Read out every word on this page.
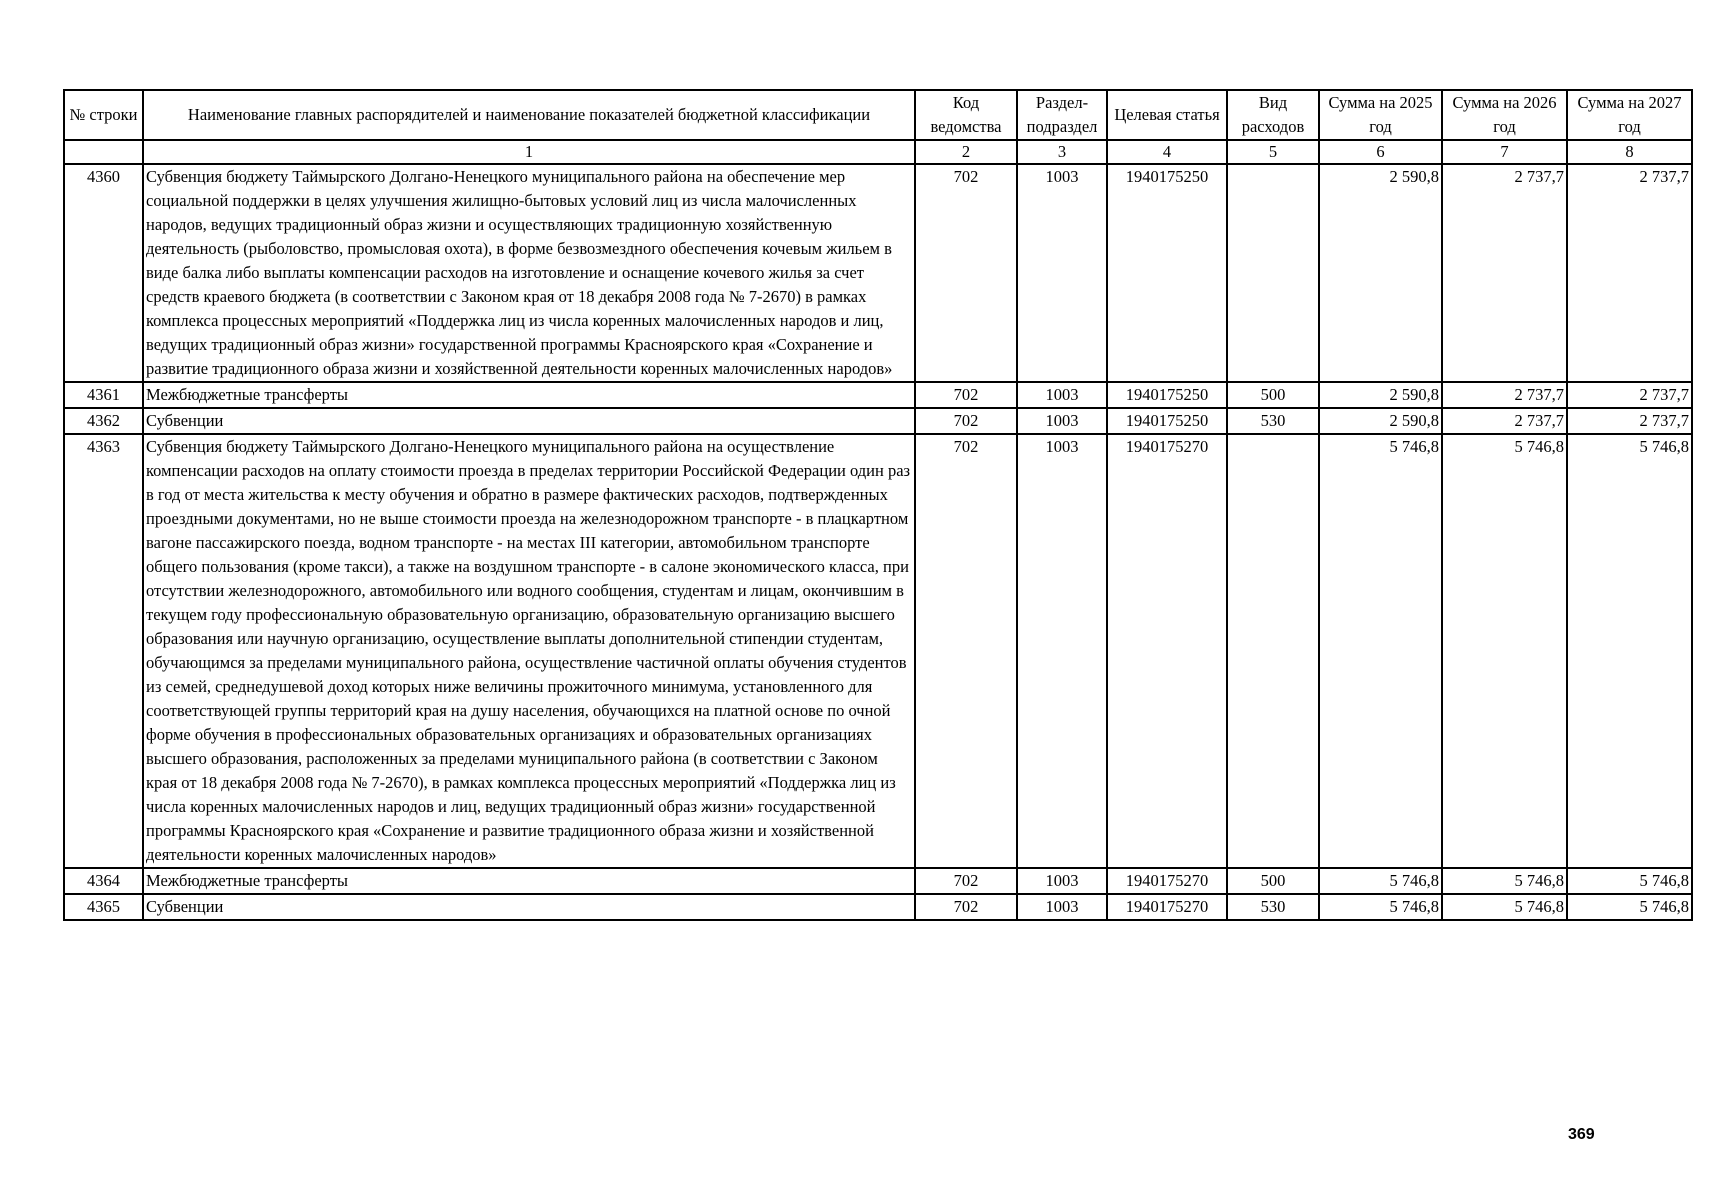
№ строки	Наименование главных распорядителей и наименование показателей бюджетной классификации	Код ведомства	Раздел-подраздел	Целевая статья	Вид расходов	Сумма на 2025 год	Сумма на 2026 год	Сумма на 2027 год
	1	2	3	4	5	6	7	8
4360	Субвенция бюджету Таймырского Долгано-Ненецкого муниципального района на обеспечение мер социальной поддержки в целях улучшения жилищно-бытовых условий лиц из числа малочисленных народов, ведущих традиционный образ жизни и осуществляющих традиционную хозяйственную деятельность (рыболовство, промысловая охота), в форме безвозмездного обеспечения кочевым жильем в виде балка либо выплаты компенсации расходов на изготовление и оснащение кочевого жилья за счет средств краевого бюджета (в соответствии с Законом края от 18 декабря 2008 года № 7-2670) в рамках комплекса процессных мероприятий «Поддержка лиц из числа коренных малочисленных народов и лиц, ведущих традиционный образ жизни» государственной программы Красноярского края «Сохранение и развитие традиционного образа жизни и хозяйственной деятельности коренных малочисленных народов»	702	1003	1940175250		2 590,8	2 737,7	2 737,7
4361	Межбюджетные трансферты	702	1003	1940175250	500	2 590,8	2 737,7	2 737,7
4362	Субвенции	702	1003	1940175250	530	2 590,8	2 737,7	2 737,7
4363	Субвенция бюджету Таймырского Долгано-Ненецкого муниципального района на осуществление компенсации расходов на оплату стоимости проезда в пределах территории Российской Федерации один раз в год от места жительства к месту обучения и обратно в размере фактических расходов, подтвержденных проездными документами, но не выше стоимости проезда на железнодорожном транспорте - в плацкартном вагоне пассажирского поезда, водном транспорте - на местах III категории, автомобильном транспорте общего пользования (кроме такси), а также на воздушном транспорте - в салоне экономического класса, при отсутствии железнодорожного, автомобильного или водного сообщения, студентам и лицам, окончившим в текущем году профессиональную образовательную организацию, образовательную организацию высшего образования или научную организацию, осуществление выплаты дополнительной стипендии студентам, обучающимся за пределами муниципального района, осуществление частичной оплаты обучения студентов из семей, среднедушевой доход которых ниже величины прожиточного минимума, установленного для соответствующей группы территорий края на душу населения, обучающихся на платной основе по очной форме обучения в профессиональных образовательных организациях и образовательных организациях высшего образования, расположенных за пределами муниципального района (в соответствии с Законом края от 18 декабря 2008 года № 7-2670), в рамках комплекса процессных мероприятий «Поддержка лиц из числа коренных малочисленных народов и лиц, ведущих традиционный образ жизни» государственной программы Красноярского края «Сохранение и развитие традиционного образа жизни и хозяйственной деятельности коренных малочисленных народов»	702	1003	1940175270		5 746,8	5 746,8	5 746,8
4364	Межбюджетные трансферты	702	1003	1940175270	500	5 746,8	5 746,8	5 746,8
4365	Субвенции	702	1003	1940175270	530	5 746,8	5 746,8	5 746,8
369
